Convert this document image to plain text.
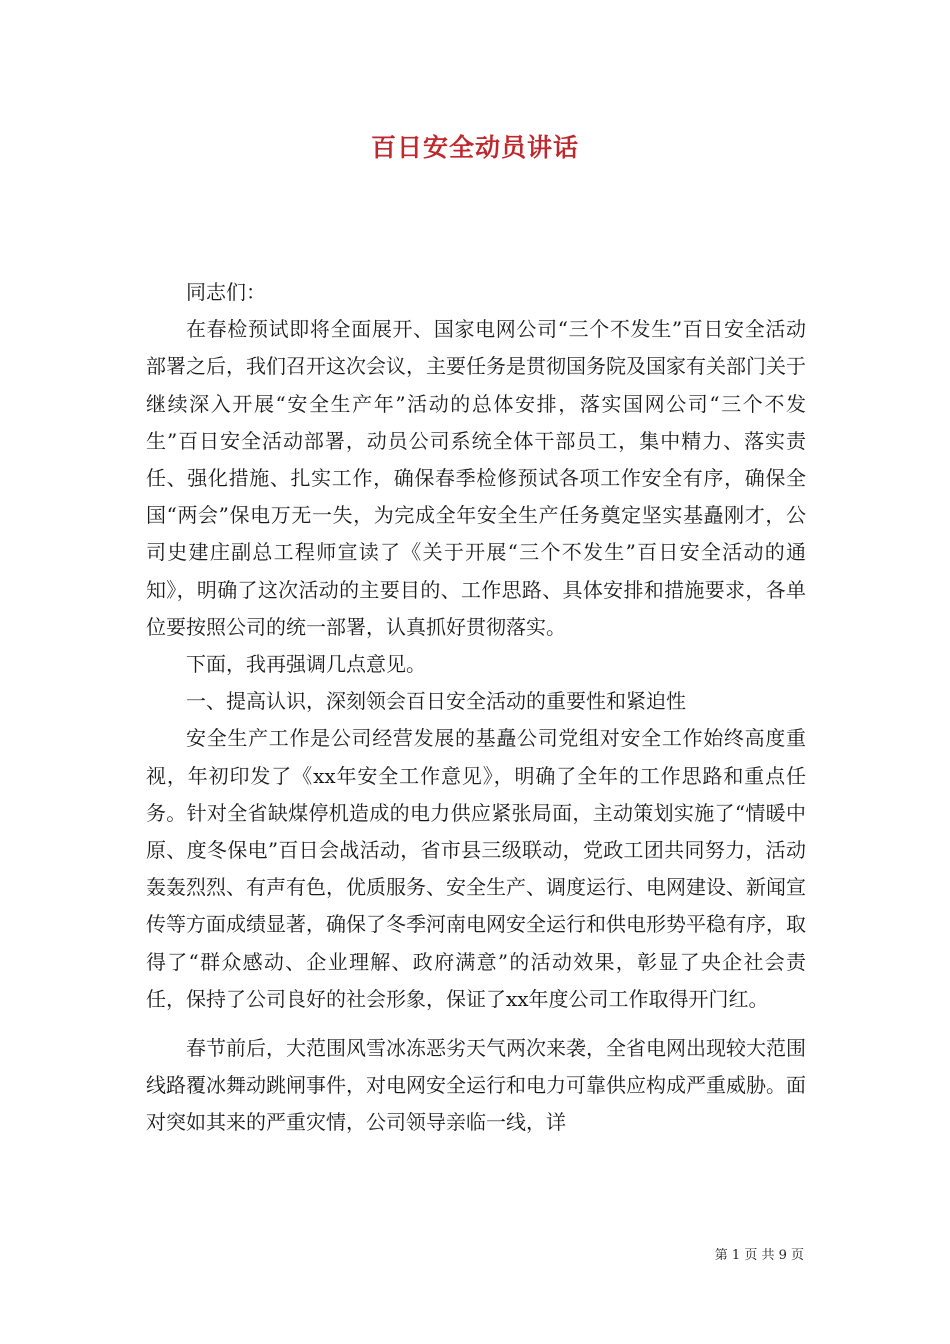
百日安全动员讲话

同志们：

在春检预试即将全面展开、国家电网公司“三个不发生”百日安全活动部署之后，我们召开这次会议，主要任务是贯彻国务院及国家有关部门关于继续深入开展“安全生产年”活动的总体安排，落实国网公司“三个不发生”百日安全活动部署，动员公司系统全体干部员工，集中精力、落实责任、强化措施、扎实工作，确保春季检修预试各项工作安全有序，确保全国“两会”保电万无一失，为完成全年安全生产任务奠定坚实基矗刚才，公司史建庄副总工程师宣读了《关于开展“三个不发生”百日安全活动的通知》，明确了这次活动的主要目的、工作思路、具体安排和措施要求，各单位要按照公司的统一部署，认真抓好贯彻落实。

下面，我再强调几点意见。

一、提高认识，深刻领会百日安全活动的重要性和紧迫性

安全生产工作是公司经营发展的基矗公司党组对安全工作始终高度重视，年初印发了《xx年安全工作意见》，明确了全年的工作思路和重点任务。针对全省缺煤停机造成的电力供应紧张局面，主动策划实施了“情暖中原、度冬保电”百日会战活动，省市县三级联动，党政工团共同努力，活动轰轰烈烈、有声有色，优质服务、安全生产、调度运行、电网建设、新闻宣传等方面成绩显著，确保了冬季河南电网安全运行和供电形势平稳有序，取得了“群众感动、企业理解、政府满意”的活动效果，彰显了央企社会责任，保持了公司良好的社会形象，保证了xx年度公司工作取得开门红。

春节前后，大范围风雪冰冻恶劣天气两次来袭，全省电网出现较大范围线路覆冰舞动跳闸事件，对电网安全运行和电力可靠供应构成严重威胁。面对突如其来的严重灾情，公司领导亲临一线，详

第 1 页 共 9 页
